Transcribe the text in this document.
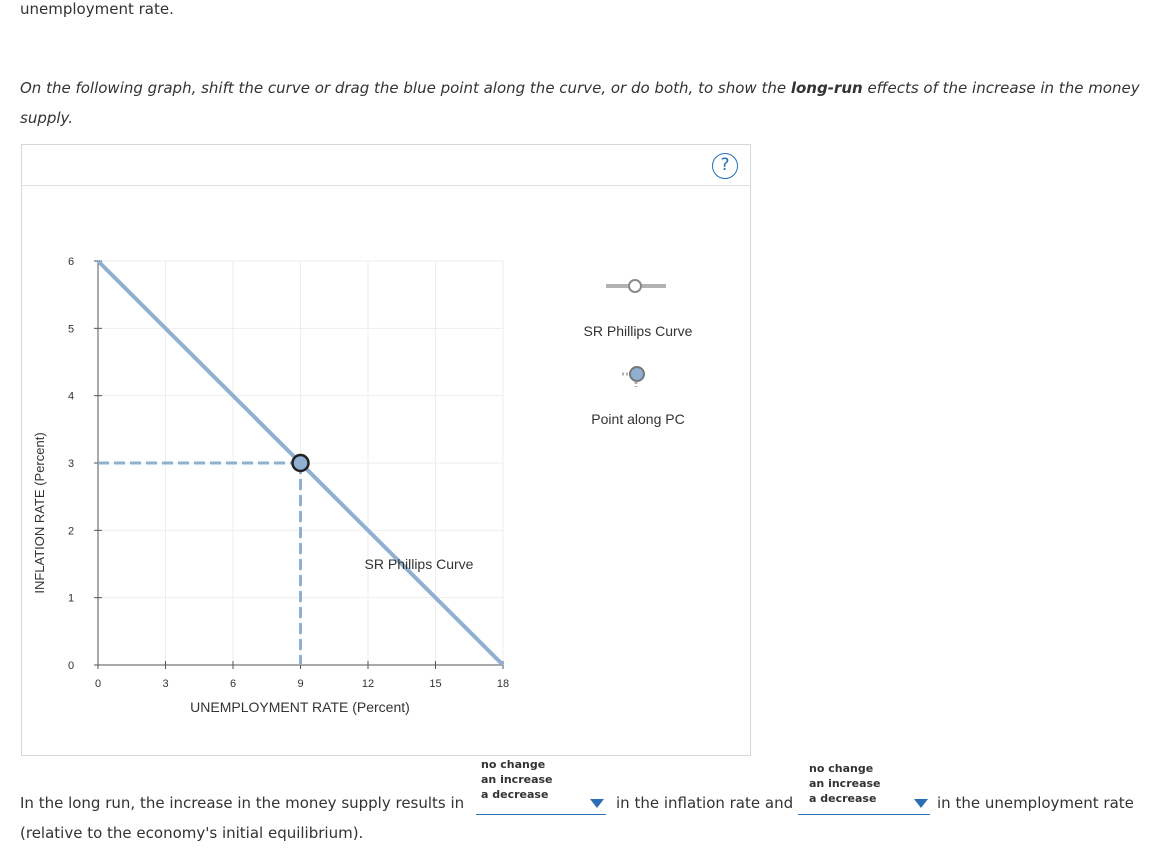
unemployment rate.
On the following graph, shift the curve or drag the blue point along the curve, or do both, to show the long-run effects of the increase in the money supply.
?
0	3	6	9	12	15	18
0
1
2
3
4
5
6
UNEMPLOYMENT RATE (Percent)
INFLATION RATE (Percent)	SR Phillips Curve
SR Phillips Curve
Point along PC
no change
an increase
a decrease
no change
an increase
a decrease
In the long run, the increase in the money supply results in	in the inflation rate and	in the unemployment rate
(relative to the economy's initial equilibrium).
